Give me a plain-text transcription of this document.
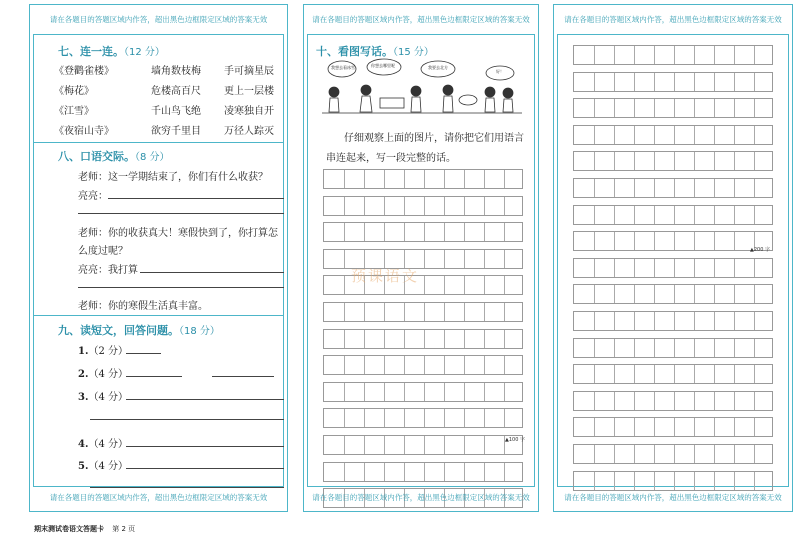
请在各题目的答题区域内作答，超出黑色边框限定区域的答案无效
七、连一连。（12 分）
《登鹳雀楼》	墙角数枝梅 手可摘星辰
《梅花》	危楼高百尺 更上一层楼
《江雪》	千山鸟飞绝 凌寒独自开
《夜宿山寺》	欲穷千里目 万径人踪灭
八、口语交际。（8 分）
老师：这一学期结束了，你们有什么收获？
亮亮：
老师：你的收获真大！寒假快到了，你打算怎
么度过呢？
亮亮：我打算
老师：你的寒假生活真丰富。
九、读短文，回答问题。（18 分）
1.（2 分）
2.（4 分）
3.（4 分）
4.（4 分）
5.（4 分）
请在各题目的答题区域内作答，超出黑色边框限定区域的答案无效
请在各题目的答题区域内作答，超出黑色边框限定区域的答案无效
十、看图写话。（15 分）
我想去看冰雪	你想去哪里呢	我要去北方
好！
仔细观察上面的图片，请你把它们用语言
串连起来，写一段完整的话。
▲100 字
预课语文
请在各题目的答题区域内作答，超出黑色边框限定区域的答案无效
请在各题目的答题区域内作答，超出黑色边框限定区域的答案无效
▲200 字
请在各题目的答题区域内作答，超出黑色边框限定区域的答案无效
期末测试卷语文答题卡 第 2 页
